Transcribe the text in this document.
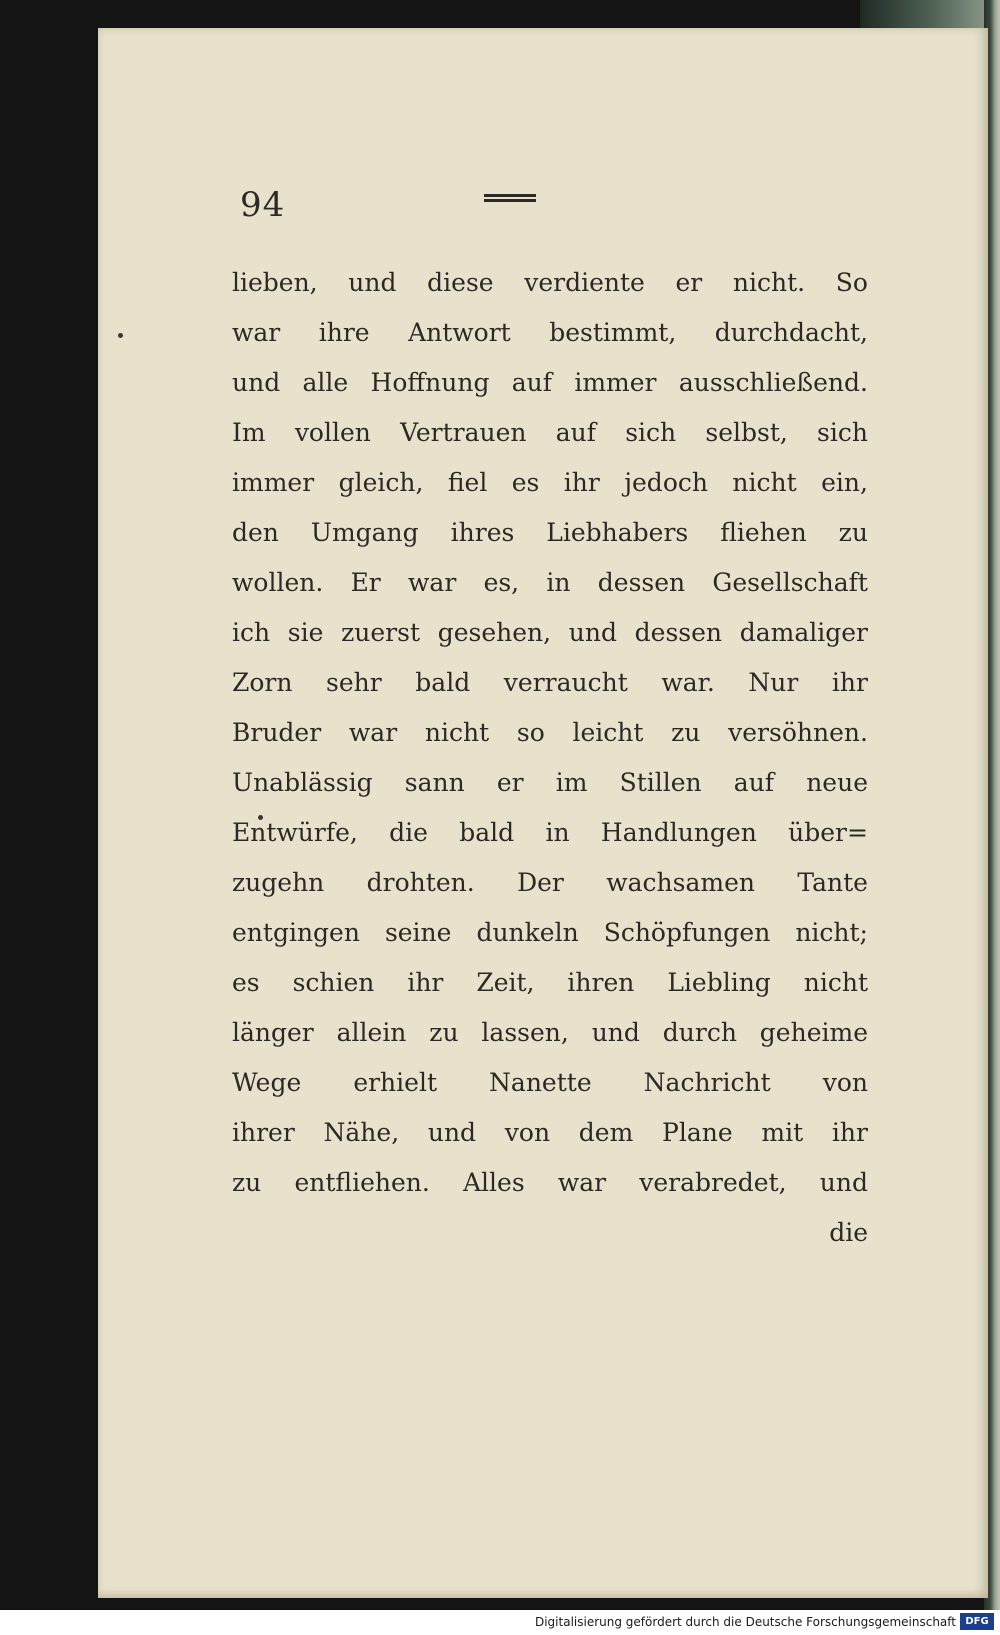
94
lieben, und diese verdiente er nicht. So
war ihre Antwort bestimmt, durchdacht,
und alle Hoffnung auf immer ausschließend.
Im vollen Vertrauen auf sich selbst, sich
immer gleich, fiel es ihr jedoch nicht ein,
den Umgang ihres Liebhabers fliehen zu
wollen. Er war es, in dessen Gesellschaft
ich sie zuerst gesehen, und dessen damaliger
Zorn sehr bald verraucht war. Nur ihr
Bruder war nicht so leicht zu versöhnen.
Unablässig sann er im Stillen auf neue
Entwürfe, die bald in Handlungen über=
zugehn drohten. Der wachsamen Tante
entgingen seine dunkeln Schöpfungen nicht;
es schien ihr Zeit, ihren Liebling nicht
länger allein zu lassen, und durch geheime
Wege erhielt Nanette Nachricht von
ihrer Nähe, und von dem Plane mit ihr
zu entfliehen. Alles war verabredet, und
die
Digitalisierung gefördert durch die Deutsche Forschungsgemeinschaft DFG
